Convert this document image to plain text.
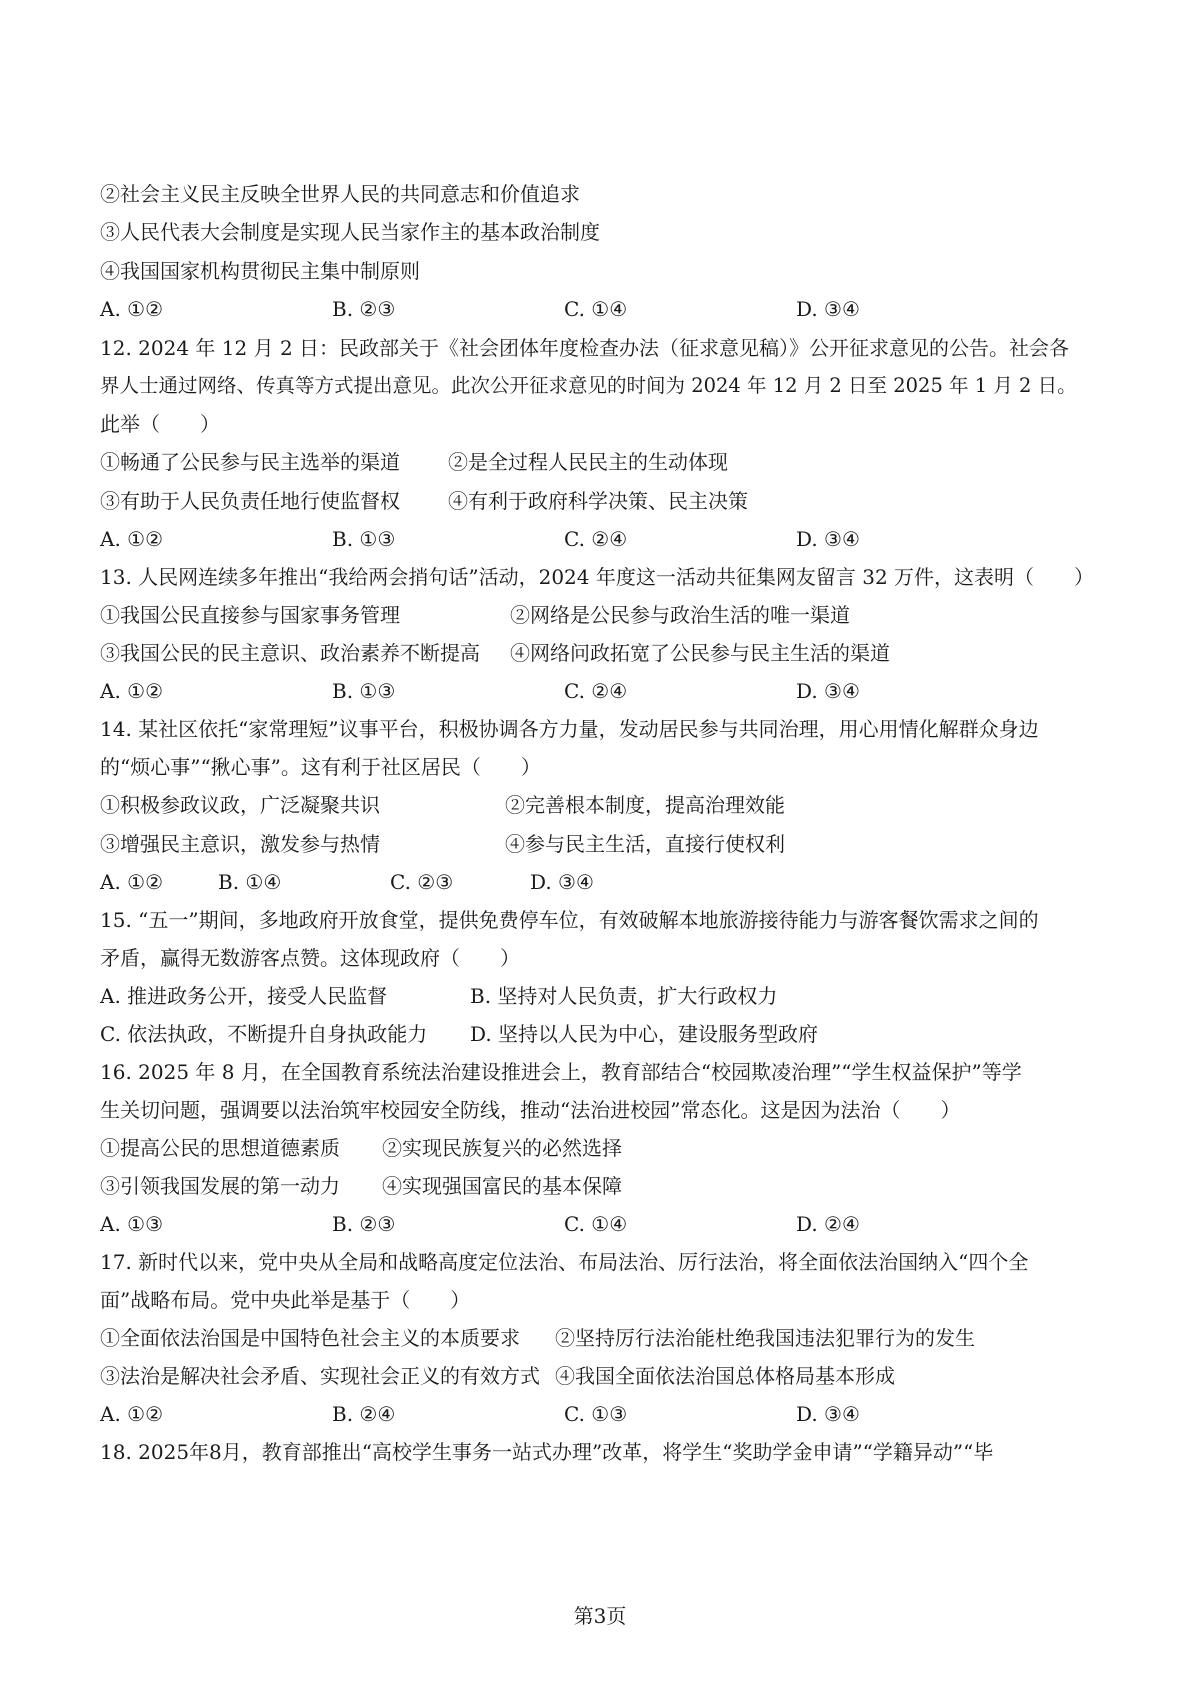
②社会主义民主反映全世界人民的共同意志和价值追求
③人民代表大会制度是实现人民当家作主的基本政治制度
④我国国家机构贯彻民主集中制原则
A. ①②	B. ②③	C. ①④	D. ③④
12. 2024 年 12 月 2 日：民政部关于《社会团体年度检查办法（征求意见稿）》公开征求意见的公告。社会各
界人士通过网络、传真等方式提出意见。此次公开征求意见的时间为 2024 年 12 月 2 日至 2025 年 1 月 2 日。
此举（　　）
①畅通了公民参与民主选举的渠道 ②是全过程人民民主的生动体现
③有助于人民负责任地行使监督权 ④有利于政府科学决策、民主决策
A. ①②	B. ①③	C. ②④	D. ③④
13. 人民网连续多年推出“我给两会捎句话”活动，2024 年度这一活动共征集网友留言 32 万件，这表明（　　）
①我国公民直接参与国家事务管理	②网络是公民参与政治生活的唯一渠道
③我国公民的民主意识、政治素养不断提高 ④网络问政拓宽了公民参与民主生活的渠道
A. ①②	B. ①③	C. ②④	D. ③④
14. 某社区依托“家常理短”议事平台，积极协调各方力量，发动居民参与共同治理，用心用情化解群众身边
的“烦心事”“揪心事”。这有利于社区居民（　　）
①积极参政议政，广泛凝聚共识	②完善根本制度，提高治理效能
③增强民主意识，激发参与热情	④参与民主生活，直接行使权利
A. ①②	B. ①④	C. ②③	D. ③④
15. “五一”期间，多地政府开放食堂，提供免费停车位，有效破解本地旅游接待能力与游客餐饮需求之间的
矛盾，赢得无数游客点赞。这体现政府（　　）
A. 推进政务公开，接受人民监督	B. 坚持对人民负责，扩大行政权力
C. 依法执政，不断提升自身执政能力 D. 坚持以人民为中心，建设服务型政府
16. 2025 年 8 月，在全国教育系统法治建设推进会上，教育部结合“校园欺凌治理”“学生权益保护”等学
生关切问题，强调要以法治筑牢校园安全防线，推动“法治进校园”常态化。这是因为法治（　　）
①提高公民的思想道德素质 ②实现民族复兴的必然选择
③引领我国发展的第一动力 ④实现强国富民的基本保障
A. ①③	B. ②③	C. ①④	D. ②④
17. 新时代以来，党中央从全局和战略高度定位法治、布局法治、厉行法治，将全面依法治国纳入“四个全
面”战略布局。党中央此举是基于（　　）
①全面依法治国是中国特色社会主义的本质要求 ②坚持厉行法治能杜绝我国违法犯罪行为的发生
③法治是解决社会矛盾、实现社会正义的有效方式 ④我国全面依法治国总体格局基本形成
A. ①②	B. ②④	C. ①③	D. ③④
18. 2025年8月，教育部推出“高校学生事务一站式办理”改革，将学生“奖助学金申请”“学籍异动”“毕
第3页
